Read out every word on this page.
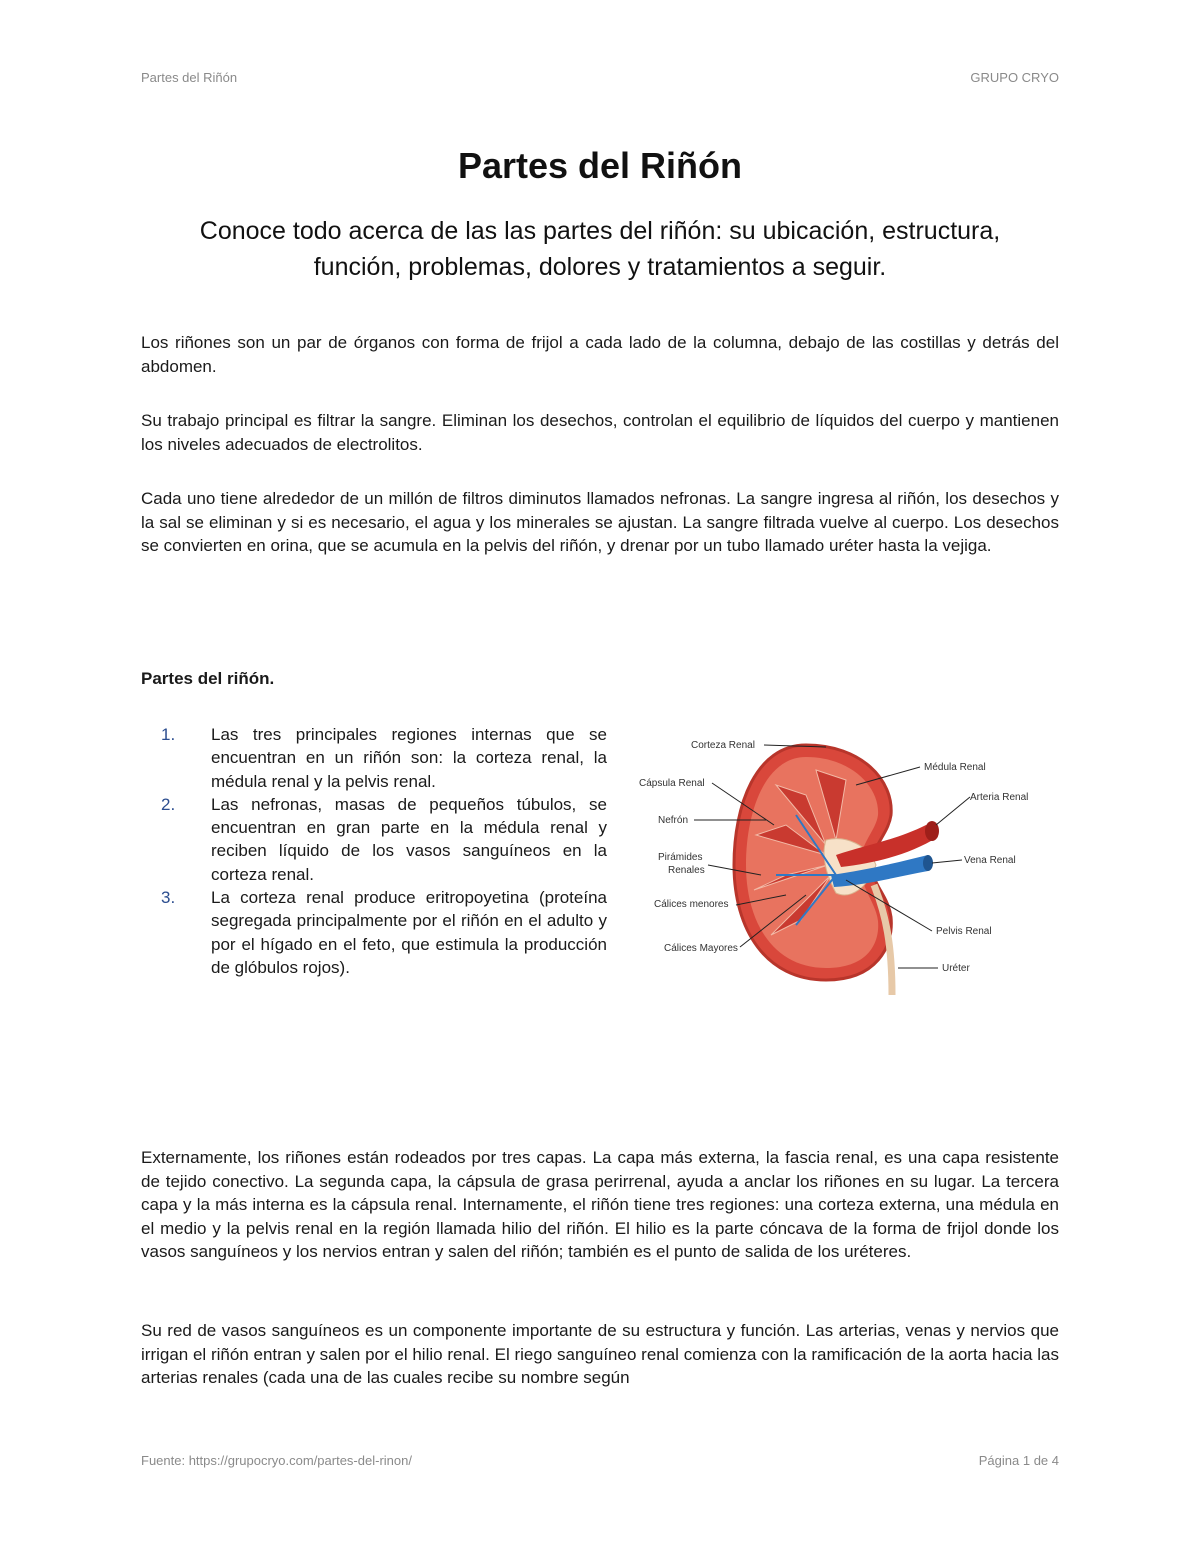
Partes del Riñón	GRUPO CRYO
Partes del Riñón
Conoce todo acerca de las las partes del riñón: su ubicación, estructura, función, problemas, dolores y tratamientos a seguir.

Los riñones son un par de órganos con forma de frijol a cada lado de la columna, debajo de las costillas y detrás del abdomen.

Su trabajo principal es filtrar la sangre. Eliminan los desechos, controlan el equilibrio de líquidos del cuerpo y mantienen los niveles adecuados de electrolitos.

Cada uno tiene alrededor de un millón de filtros diminutos llamados nefronas. La sangre ingresa al riñón, los desechos y la sal se eliminan y si es necesario, el agua y los minerales se ajustan. La sangre filtrada vuelve al cuerpo. Los desechos se convierten en orina, que se acumula en la pelvis del riñón, y drenar por un tubo llamado uréter hasta la vejiga.

Partes del riñón.
1. Las tres principales regiones internas que se encuentran en un riñón son: la corteza renal, la médula renal y la pelvis renal.
2. Las nefronas, masas de pequeños túbulos, se encuentran en gran parte en la médula renal y reciben líquido de los vasos sanguíneos en la corteza renal.
3. La corteza renal produce eritropoyetina (proteína segregada principalmente por el riñón en el adulto y por el hígado en el feto, que estimula la producción de glóbulos rojos).
Corteza Renal
Cápsula Renal
Nefrón
Pirámides
Renales
Cálices menores
Cálices Mayores
Médula Renal
Arteria Renal
Vena Renal
Pelvis Renal
Uréter

Externamente, los riñones están rodeados por tres capas. La capa más externa, la fascia renal, es una capa resistente de tejido conectivo. La segunda capa, la cápsula de grasa perirrenal, ayuda a anclar los riñones en su lugar. La tercera capa y la más interna es la cápsula renal. Internamente, el riñón tiene tres regiones: una corteza externa, una médula en el medio y la pelvis renal en la región llamada hilio del riñón. El hilio es la parte cóncava de la forma de frijol donde los vasos sanguíneos y los nervios entran y salen del riñón; también es el punto de salida de los uréteres.

Su red de vasos sanguíneos es un componente importante de su estructura y función. Las arterias, venas y nervios que irrigan el riñón entran y salen por el hilio renal. El riego sanguíneo renal comienza con la ramificación de la aorta hacia las arterias renales (cada una de las cuales recibe su nombre según

Fuente: https://grupocryo.com/partes-del-rinon/	Página 1 de 4
